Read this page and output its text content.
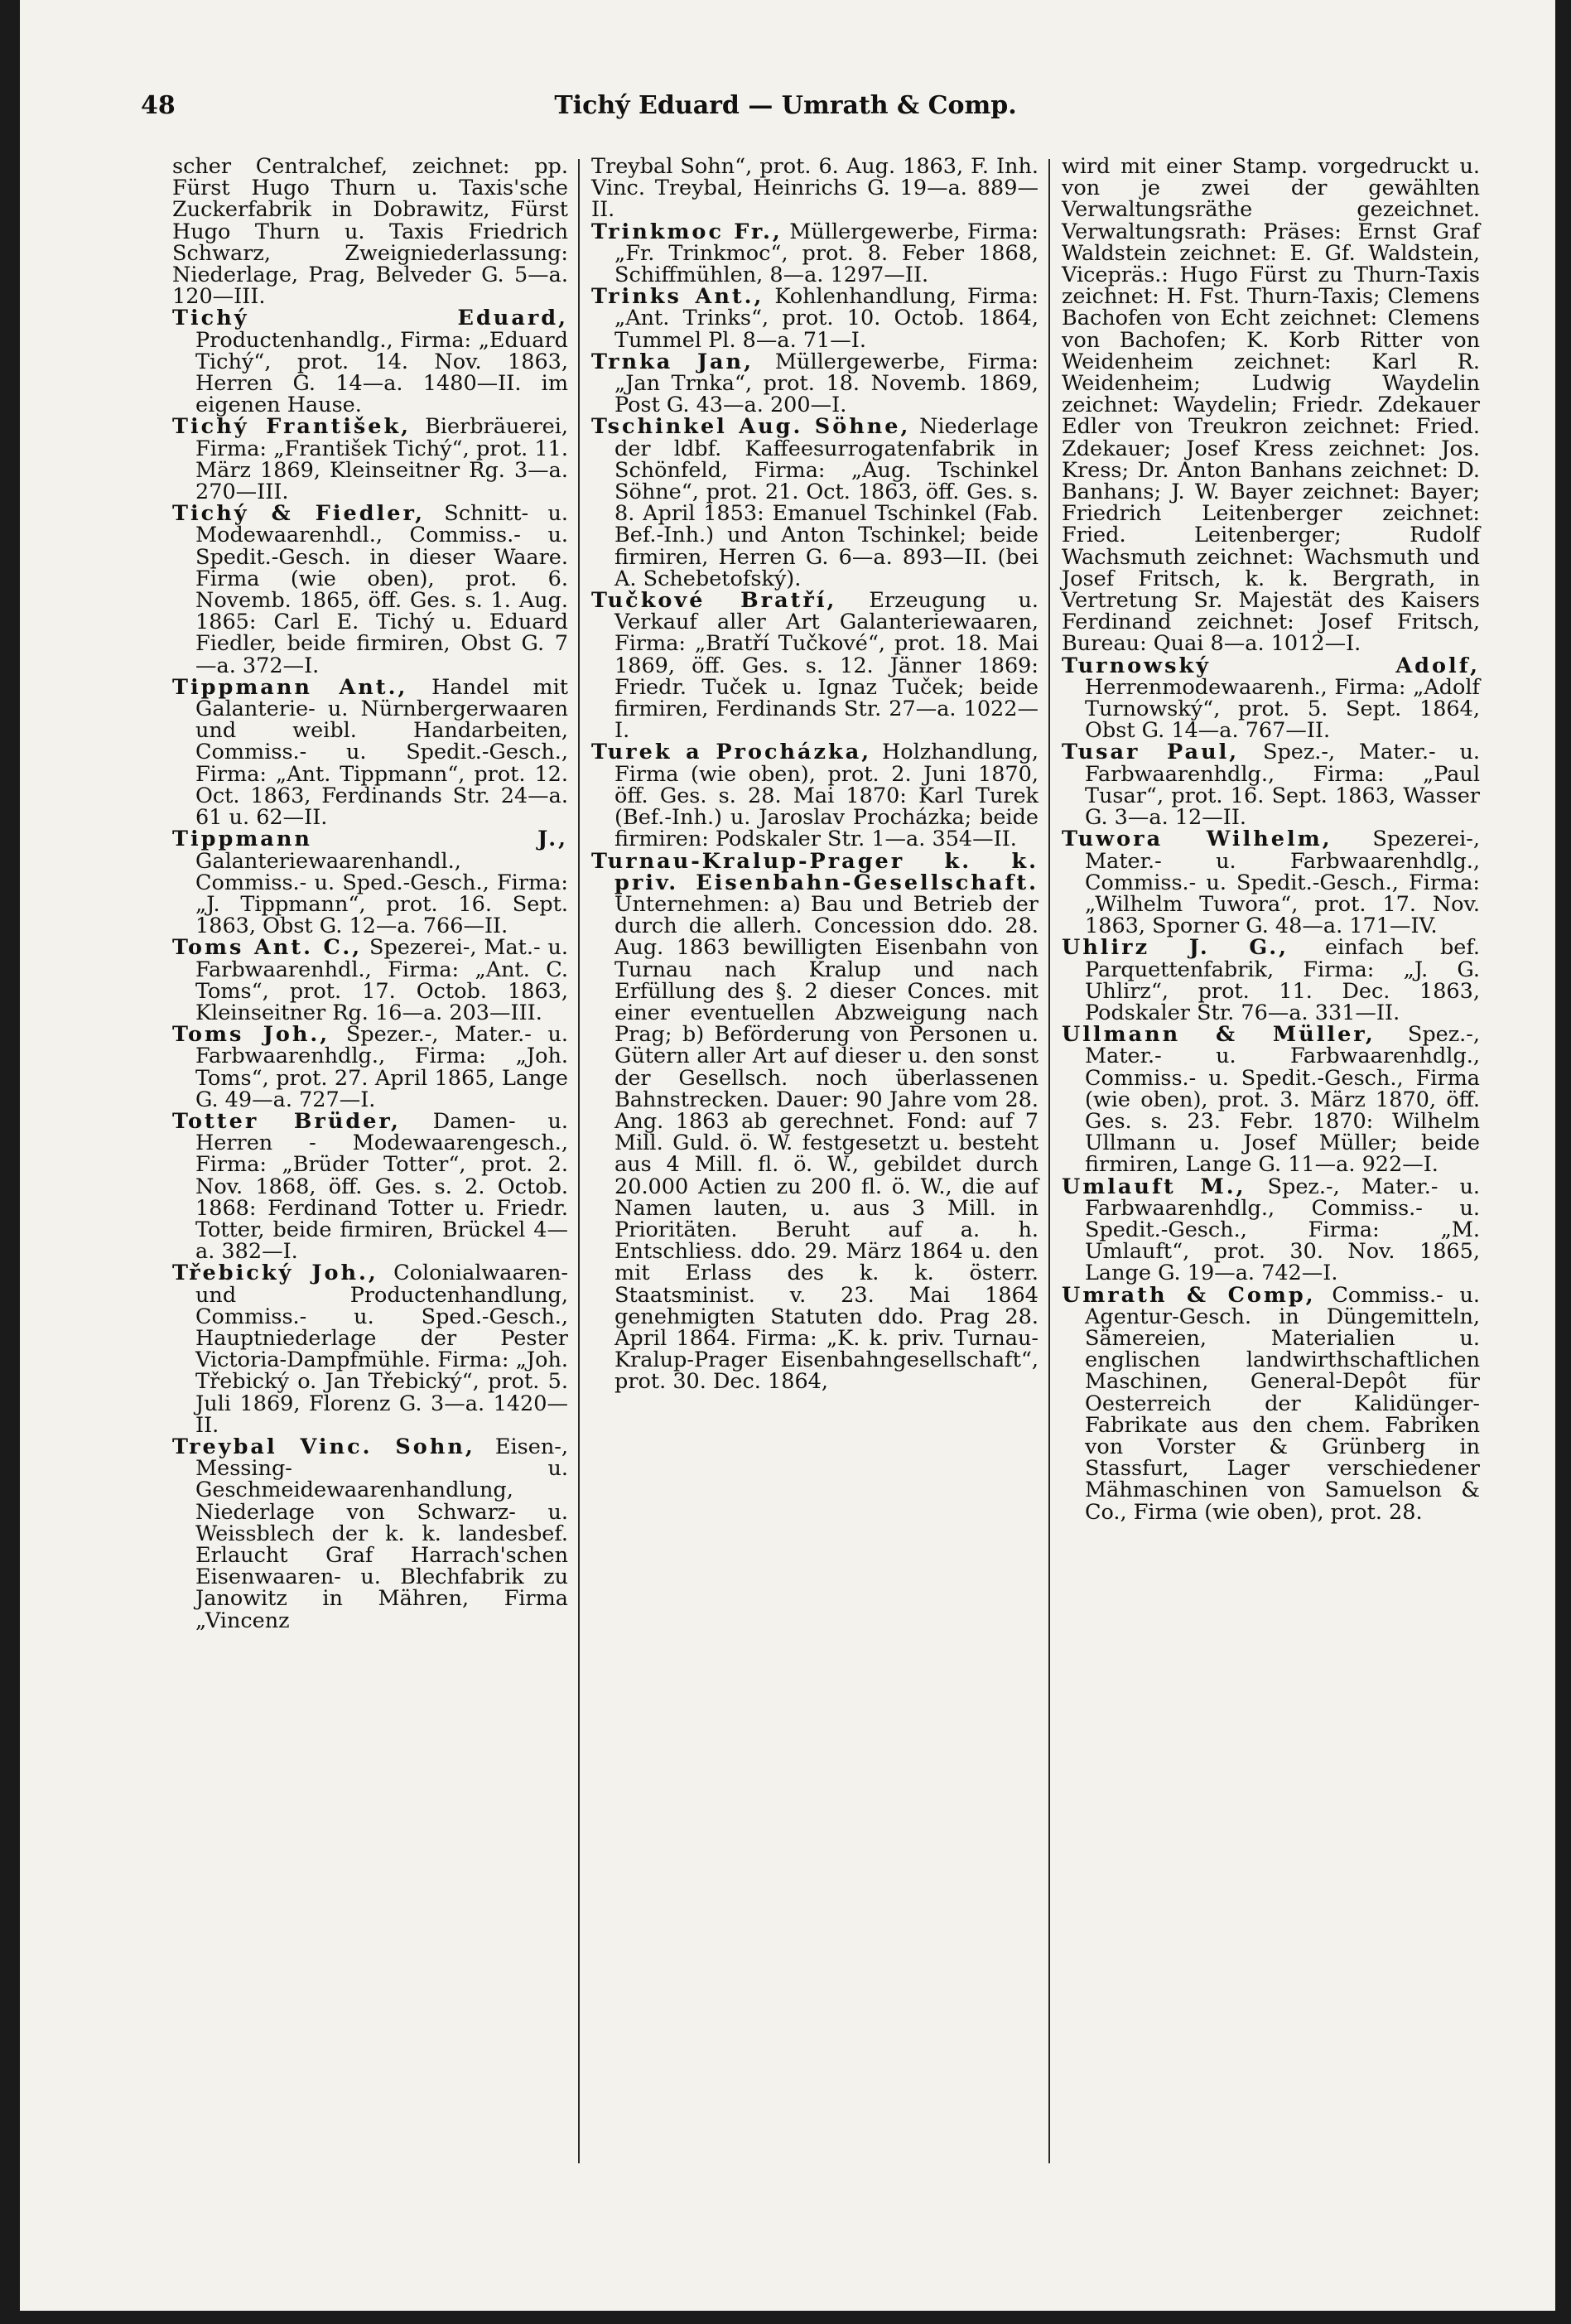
48	Tichý Eduard — Umrath & Comp.

scher Centralchef, zeichnet: pp. Fürst Hugo Thurn u. Taxis'sche Zuckerfabrik in Dobrawitz, Fürst Hugo Thurn u. Taxis Friedrich Schwarz, Zweigniederlassung: Niederlage, Prag, Belveder G. 5—a. 120—III.

Tichý Eduard, Productenhandlg., Firma: „Eduard Tichý“, prot. 14. Nov. 1863, Herren G. 14—a. 1480—II. im eigenen Hause.

Tichý František, Bierbräuerei, Firma: „František Tichý“, prot. 11. März 1869, Kleinseitner Rg. 3—a. 270—III.

Tichý & Fiedler, Schnitt- u. Modewaarenhdl., Commiss.- u. Spedit.-Gesch. in dieser Waare. Firma (wie oben), prot. 6. Novemb. 1865, öff. Ges. s. 1. Aug. 1865: Carl E. Tichý u. Eduard Fiedler, beide firmiren, Obst G. 7—a. 372—I.

Tippmann Ant., Handel mit Galanterie- u. Nürnbergerwaaren und weibl. Handarbeiten, Commiss.- u. Spedit.-Gesch., Firma: „Ant. Tippmann“, prot. 12. Oct. 1863, Ferdinands Str. 24—a. 61 u. 62—II.

Tippmann J., Galanteriewaarenhandl., Commiss.- u. Sped.-Gesch., Firma: „J. Tippmann“, prot. 16. Sept. 1863, Obst G. 12—a. 766—II.

Toms Ant. C., Spezerei-, Mat.- u. Farbwaarenhdl., Firma: „Ant. C. Toms“, prot. 17. Octob. 1863, Kleinseitner Rg. 16—a. 203—III.

Toms Joh., Spezer.-, Mater.- u. Farbwaarenhdlg., Firma: „Joh. Toms“, prot. 27. April 1865, Lange G. 49—a. 727—I.

Totter Brüder, Damen- u. Herren - Modewaarengesch., Firma: „Brüder Totter“, prot. 2. Nov. 1868, öff. Ges. s. 2. Octob. 1868: Ferdinand Totter u. Friedr. Totter, beide firmiren, Brückel 4—a. 382—I.

Třebický Joh., Colonialwaaren- und Productenhandlung, Commiss.- u. Sped.-Gesch., Hauptniederlage der Pester Victoria-Dampfmühle. Firma: „Joh. Třebický o. Jan Třebický“, prot. 5. Juli 1869, Florenz G. 3—a. 1420—II.

Treybal Vinc. Sohn, Eisen-, Messing- u. Geschmeidewaarenhandlung, Niederlage von Schwarz- u. Weissblech der k. k. landesbef. Erlaucht Graf Harrach'schen Eisenwaaren- u. Blechfabrik zu Janowitz in Mähren, Firma „Vincenz

Treybal Sohn“, prot. 6. Aug. 1863, F. Inh. Vinc. Treybal, Heinrichs G. 19—a. 889—II.

Trinkmoc Fr., Müllergewerbe, Firma: „Fr. Trinkmoc“, prot. 8. Feber 1868, Schiffmühlen, 8—a. 1297—II.

Trinks Ant., Kohlenhandlung, Firma: „Ant. Trinks“, prot. 10. Octob. 1864, Tummel Pl. 8—a. 71—I.

Trnka Jan, Müllergewerbe, Firma: „Jan Trnka“, prot. 18. Novemb. 1869, Post G. 43—a. 200—I.

Tschinkel Aug. Söhne, Niederlage der ldbf. Kaffeesurrogatenfabrik in Schönfeld, Firma: „Aug. Tschinkel Söhne“, prot. 21. Oct. 1863, öff. Ges. s. 8. April 1853: Emanuel Tschinkel (Fab. Bef.-Inh.) und Anton Tschinkel; beide firmiren, Herren G. 6—a. 893—II. (bei A. Schebetofský).

Tučkové Bratří, Erzeugung u. Verkauf aller Art Galanteriewaaren, Firma: „Bratří Tučkové“, prot. 18. Mai 1869, öff. Ges. s. 12. Jänner 1869: Friedr. Tuček u. Ignaz Tuček; beide firmiren, Ferdinands Str. 27—a. 1022—I.

Turek a Procházka, Holzhandlung, Firma (wie oben), prot. 2. Juni 1870, öff. Ges. s. 28. Mai 1870: Karl Turek (Bef.-Inh.) u. Jaroslav Procházka; beide firmiren: Podskaler Str. 1—a. 354—II.

Turnau-Kralup-Prager k. k. priv. Eisenbahn-Gesellschaft. Unternehmen: a) Bau und Betrieb der durch die allerh. Concession ddo. 28. Aug. 1863 bewilligten Eisenbahn von Turnau nach Kralup und nach Erfüllung des §. 2 dieser Conces. mit einer eventuellen Abzweigung nach Prag; b) Beförderung von Personen u. Gütern aller Art auf dieser u. den sonst der Gesellsch. noch überlassenen Bahnstrecken. Dauer: 90 Jahre vom 28. Ang. 1863 ab gerechnet. Fond: auf 7 Mill. Guld. ö. W. festgesetzt u. besteht aus 4 Mill. fl. ö. W., gebildet durch 20.000 Actien zu 200 fl. ö. W., die auf Namen lauten, u. aus 3 Mill. in Prioritäten. Beruht auf a. h. Entschliess. ddo. 29. März 1864 u. den mit Erlass des k. k. österr. Staatsminist. v. 23. Mai 1864 genehmigten Statuten ddo. Prag 28. April 1864. Firma: „K. k. priv. Turnau-Kralup-Prager Eisenbahngesellschaft“, prot. 30. Dec. 1864,

wird mit einer Stamp. vorgedruckt u. von je zwei der gewählten Verwaltungsräthe gezeichnet. Verwaltungsrath: Präses: Ernst Graf Waldstein zeichnet: E. Gf. Waldstein, Vicepräs.: Hugo Fürst zu Thurn-Taxis zeichnet: H. Fst. Thurn-Taxis; Clemens Bachofen von Echt zeichnet: Clemens von Bachofen; K. Korb Ritter von Weidenheim zeichnet: Karl R. Weidenheim; Ludwig Waydelin zeichnet: Waydelin; Friedr. Zdekauer Edler von Treukron zeichnet: Fried. Zdekauer; Josef Kress zeichnet: Jos. Kress; Dr. Anton Banhans zeichnet: D. Banhans; J. W. Bayer zeichnet: Bayer; Friedrich Leitenberger zeichnet: Fried. Leitenberger; Rudolf Wachsmuth zeichnet: Wachsmuth und Josef Fritsch, k. k. Bergrath, in Vertretung Sr. Majestät des Kaisers Ferdinand zeichnet: Josef Fritsch, Bureau: Quai 8—a. 1012—I.

Turnowský Adolf, Herrenmodewaarenh., Firma: „Adolf Turnowský“, prot. 5. Sept. 1864, Obst G. 14—a. 767—II.

Tusar Paul, Spez.-, Mater.- u. Farbwaarenhdlg., Firma: „Paul Tusar“, prot. 16. Sept. 1863, Wasser G. 3—a. 12—II.

Tuwora Wilhelm, Spezerei-, Mater.- u. Farbwaarenhdlg., Commiss.- u. Spedit.-Gesch., Firma: „Wilhelm Tuwora“, prot. 17. Nov. 1863, Sporner G. 48—a. 171—IV.

Uhlirz J. G., einfach bef. Parquettenfabrik, Firma: „J. G. Uhlirz“, prot. 11. Dec. 1863, Podskaler Str. 76—a. 331—II.

Ullmann & Müller, Spez.-, Mater.- u. Farbwaarenhdlg., Commiss.- u. Spedit.-Gesch., Firma (wie oben), prot. 3. März 1870, öff. Ges. s. 23. Febr. 1870: Wilhelm Ullmann u. Josef Müller; beide firmiren, Lange G. 11—a. 922—I.

Umlauft M., Spez.-, Mater.- u. Farbwaarenhdlg., Commiss.- u. Spedit.-Gesch., Firma: „M. Umlauft“, prot. 30. Nov. 1865, Lange G. 19—a. 742—I.

Umrath & Comp, Commiss.- u. Agentur-Gesch. in Düngemitteln, Sämereien, Materialien u. englischen landwirthschaftlichen Maschinen, General-Depôt für Oesterreich der Kalidünger-Fabrikate aus den chem. Fabriken von Vorster & Grünberg in Stassfurt, Lager verschiedener Mähmaschinen von Samuelson & Co., Firma (wie oben), prot. 28.
